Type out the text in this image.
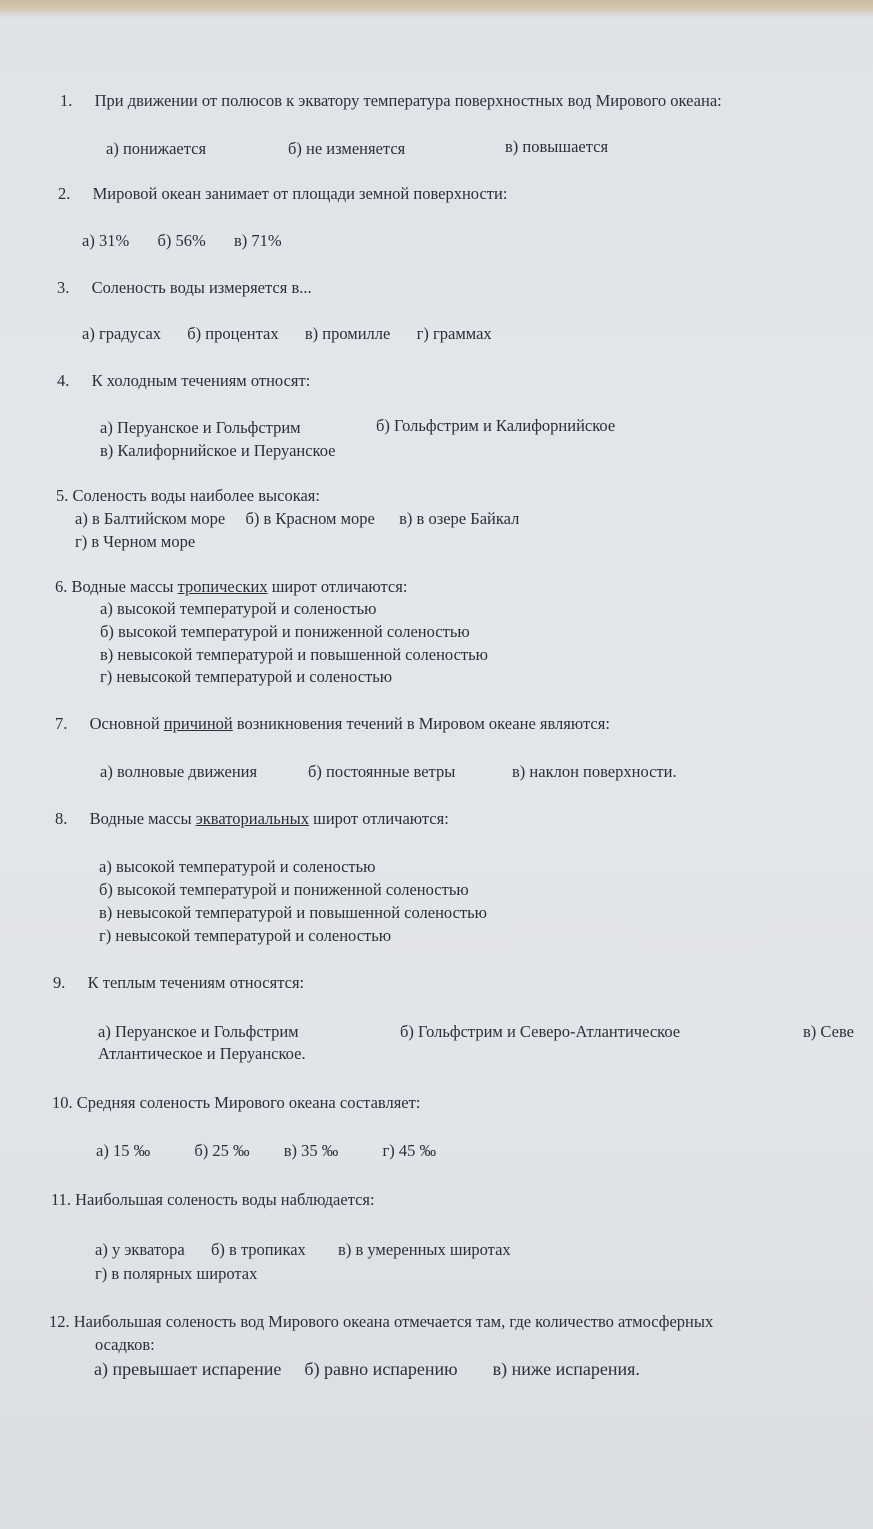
1. При движении от полюсов к экватору температура поверхностных вод Мирового океана:
а) понижается	б) не изменяется	в) повышается
2. Мировой океан занимает от площади земной поверхности:
а) 31% б) 56% в) 71%
3. Соленость воды измеряется в...
а) градусах б) процентах в) промилле г) граммах
4. К холодным течениям относят:
а) Перуанское и Гольфстрим	б) Гольфстрим и Калифорнийское
в) Калифорнийское и Перуанское
5. Соленость воды наиболее высокая:
а) в Балтийском море б) в Красном море в) в озере Байкал
г) в Черном море
6. Водные массы тропических широт отличаются:
а) высокой температурой и соленостью
б) высокой температурой и пониженной соленостью
в) невысокой температурой и повышенной соленостью
г) невысокой температурой и соленостью
7. Основной причиной возникновения течений в Мировом океане являются:
а) волновые движения	б) постоянные ветры	в) наклон поверхности.
8. Водные массы экваториальных широт отличаются:
а) высокой температурой и соленостью
б) высокой температурой и пониженной соленостью
в) невысокой температурой и повышенной соленостью
г) невысокой температурой и соленостью
9. К теплым течениям относятся:
а) Перуанское и Гольфстрим	б) Гольфстрим и Северо-Атлантическое	в) Севе
Атлантическое и Перуанское.
10. Средняя соленость Мирового океана составляет:
а) 15 ‰	б) 25 ‰ в) 35 ‰	г) 45 ‰
11. Наибольшая соленость воды наблюдается:
а) у экватора б) в тропиках в) в умеренных широтах
г) в полярных широтах
12. Наибольшая соленость вод Мирового океана отмечается там, где количество атмосферных
осадков:
а) превышает испарение б) равно испарению в) ниже испарения.
